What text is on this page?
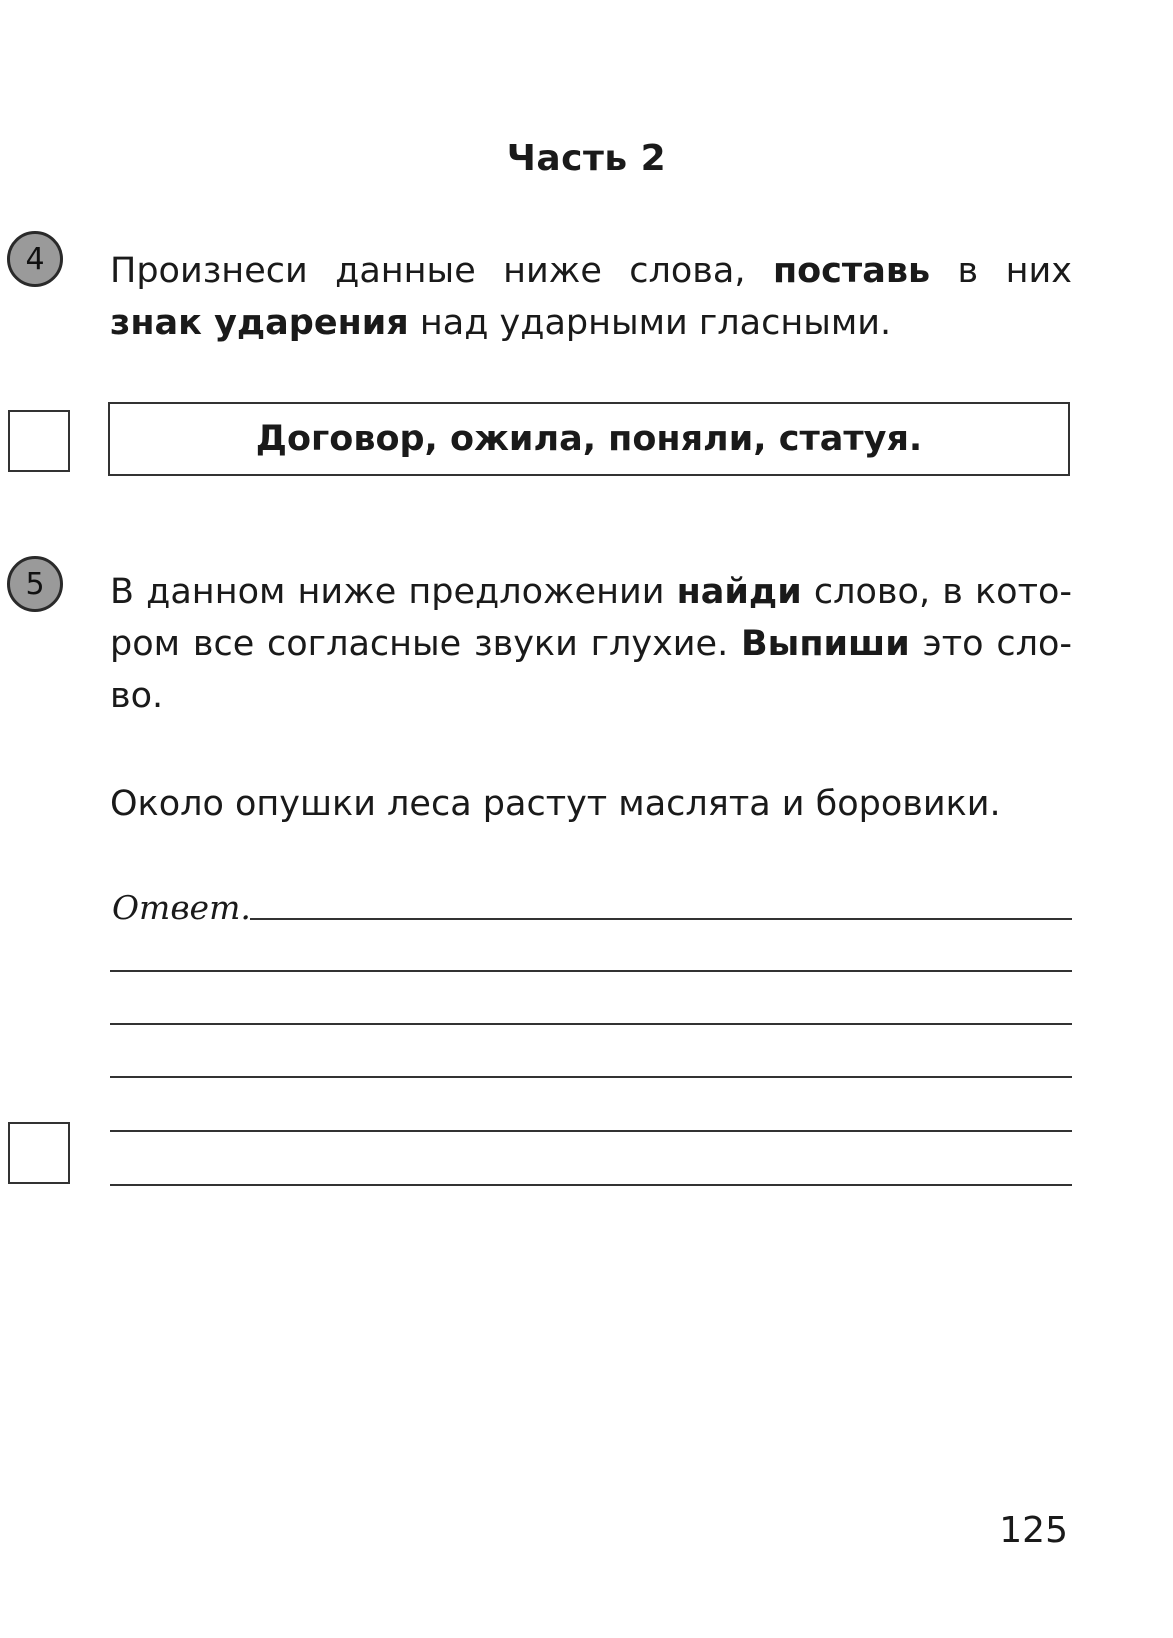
Часть 2
4 Произнеси данные ниже слова, поставь в них
знак ударения над ударными гласными.
Договор, ожила, поняли, статуя.
5 В данном ниже предложении найди слово, в кото-ром все согласные звуки глухие. Выпиши это сло-во.
Около опушки леса растут маслята и боровики.
Ответ.
125
